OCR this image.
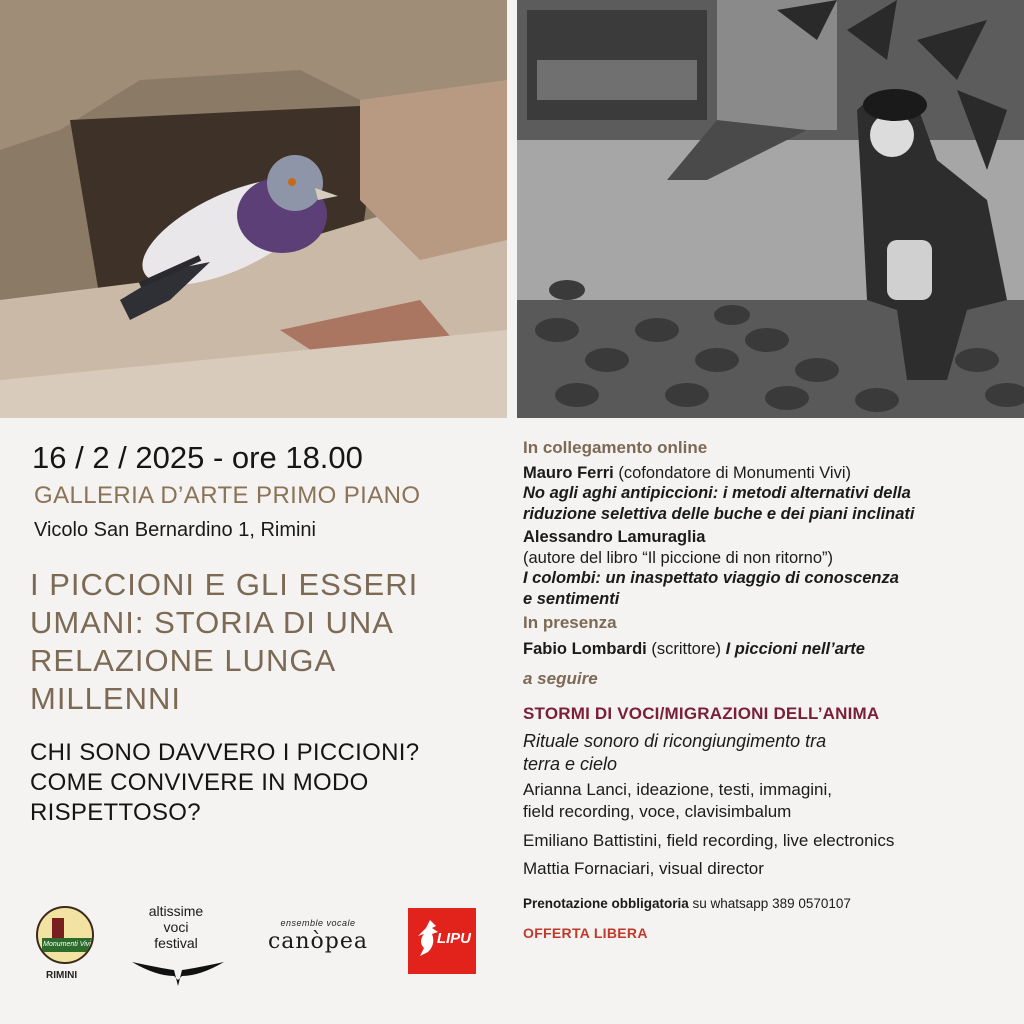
16 / 2 / 2025 - ore 18.00
GALLERIA D’ARTE PRIMO PIANO
Vicolo San Bernardino 1, Rimini
I PICCIONI E GLI ESSERI
UMANI: STORIA DI UNA
RELAZIONE LUNGA
MILLENNI
CHI SONO DAVVERO I PICCIONI?
COME CONVIVERE IN MODO
RISPETTOSO?
In collegamento online
Mauro Ferri (cofondatore di Monumenti Vivi)
No agli aghi antipiccioni: i metodi alternativi della
riduzione selettiva delle buche e dei piani inclinati
Alessandro Lamuraglia
(autore del libro “Il piccione di non ritorno”)
I colombi: un inaspettato viaggio di conoscenza
e sentimenti
In presenza
Fabio Lombardi (scrittore) I piccioni nell’arte
a seguire
STORMI DI VOCI/MIGRAZIONI DELL’ANIMA
Rituale sonoro di ricongiungimento tra
terra e cielo
Arianna Lanci, ideazione, testi, immagini,
field recording, voce, clavisimbalum
Emiliano Battistini, field recording, live electronics
Mattia Fornaciari, visual director
Prenotazione obbligatoria su whatsapp 389 0570107
OFFERTA LIBERA
Monumenti Vivi
RIMINI
altissime
voci
festival
ensemble vocale
canòpea	LIPU
